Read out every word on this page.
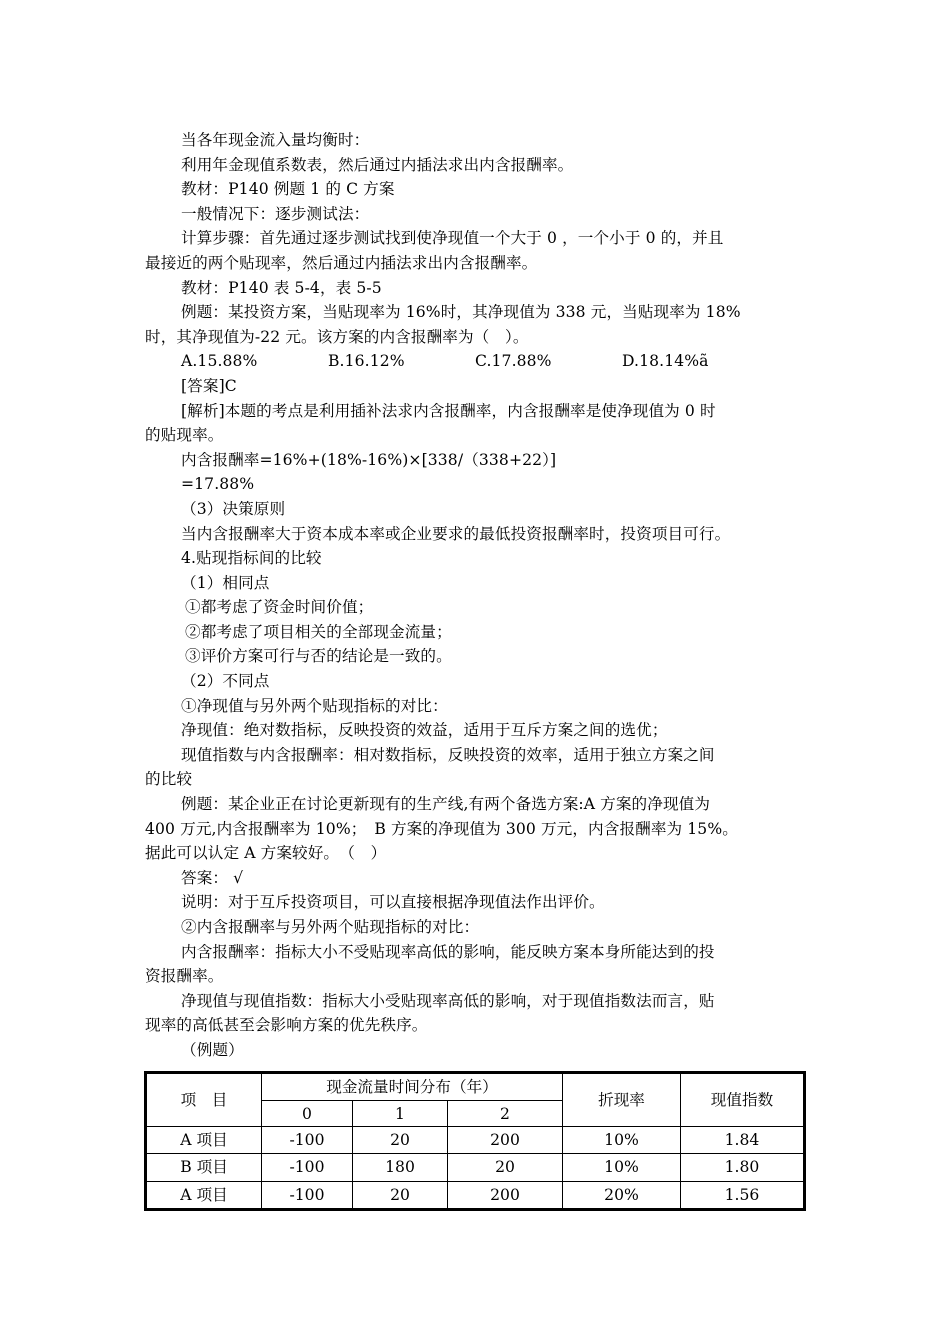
当各年现金流入量均衡时：
利用年金现值系数表，然后通过内插法求出内含报酬率。
教材：P140 例题 1 的 C 方案
一般情况下：逐步测试法：
计算步骤：首先通过逐步测试找到使净现值一个大于 0 ，一个小于 0 的，并且
最接近的两个贴现率，然后通过内插法求出内含报酬率。
教材：P140 表 5-4，表 5-5
例题：某投资方案，当贴现率为 16%时，其净现值为 338 元，当贴现率为 18%
时，其净现值为-22 元。该方案的内含报酬率为（　）。
A.15.88%	B.16.12%	C.17.88%	D.18.14%ã
[答案]C
[解析]本题的考点是利用插补法求内含报酬率，内含报酬率是使净现值为 0 时
的贴现率。
内含报酬率=16%+(18%-16%)×[338/（338+22）]
=17.88%
（3）决策原则
当内含报酬率大于资本成本率或企业要求的最低投资报酬率时，投资项目可行。
4.贴现指标间的比较
（1）相同点
①都考虑了资金时间价值；
②都考虑了项目相关的全部现金流量；
③评价方案可行与否的结论是一致的。
（2）不同点
①净现值与另外两个贴现指标的对比：
净现值：绝对数指标，反映投资的效益，适用于互斥方案之间的选优；
现值指数与内含报酬率：相对数指标，反映投资的效率，适用于独立方案之间
的比较
例题：某企业正在讨论更新现有的生产线,有两个备选方案:A 方案的净现值为
400 万元,内含报酬率为 10%；　B 方案的净现值为 300 万元，内含报酬率为 15%。
据此可以认定 A 方案较好。　（　）
答案： √
说明：对于互斥投资项目，可以直接根据净现值法作出评价。
②内含报酬率与另外两个贴现指标的对比：
内含报酬率：指标大小不受贴现率高低的影响，能反映方案本身所能达到的投
资报酬率。
净现值与现值指数：指标大小受贴现率高低的影响，对于现值指数法而言，贴
现率的高低甚至会影响方案的优先秩序。
（例题）
项　目	现金流量时间分布（年）			折现率	现值指数
	0	1	2		
A 项目	-100	20	200	10%	1.84
B 项目	-100	180	20	10%	1.80
A 项目	-100	20	200	20%	1.56
